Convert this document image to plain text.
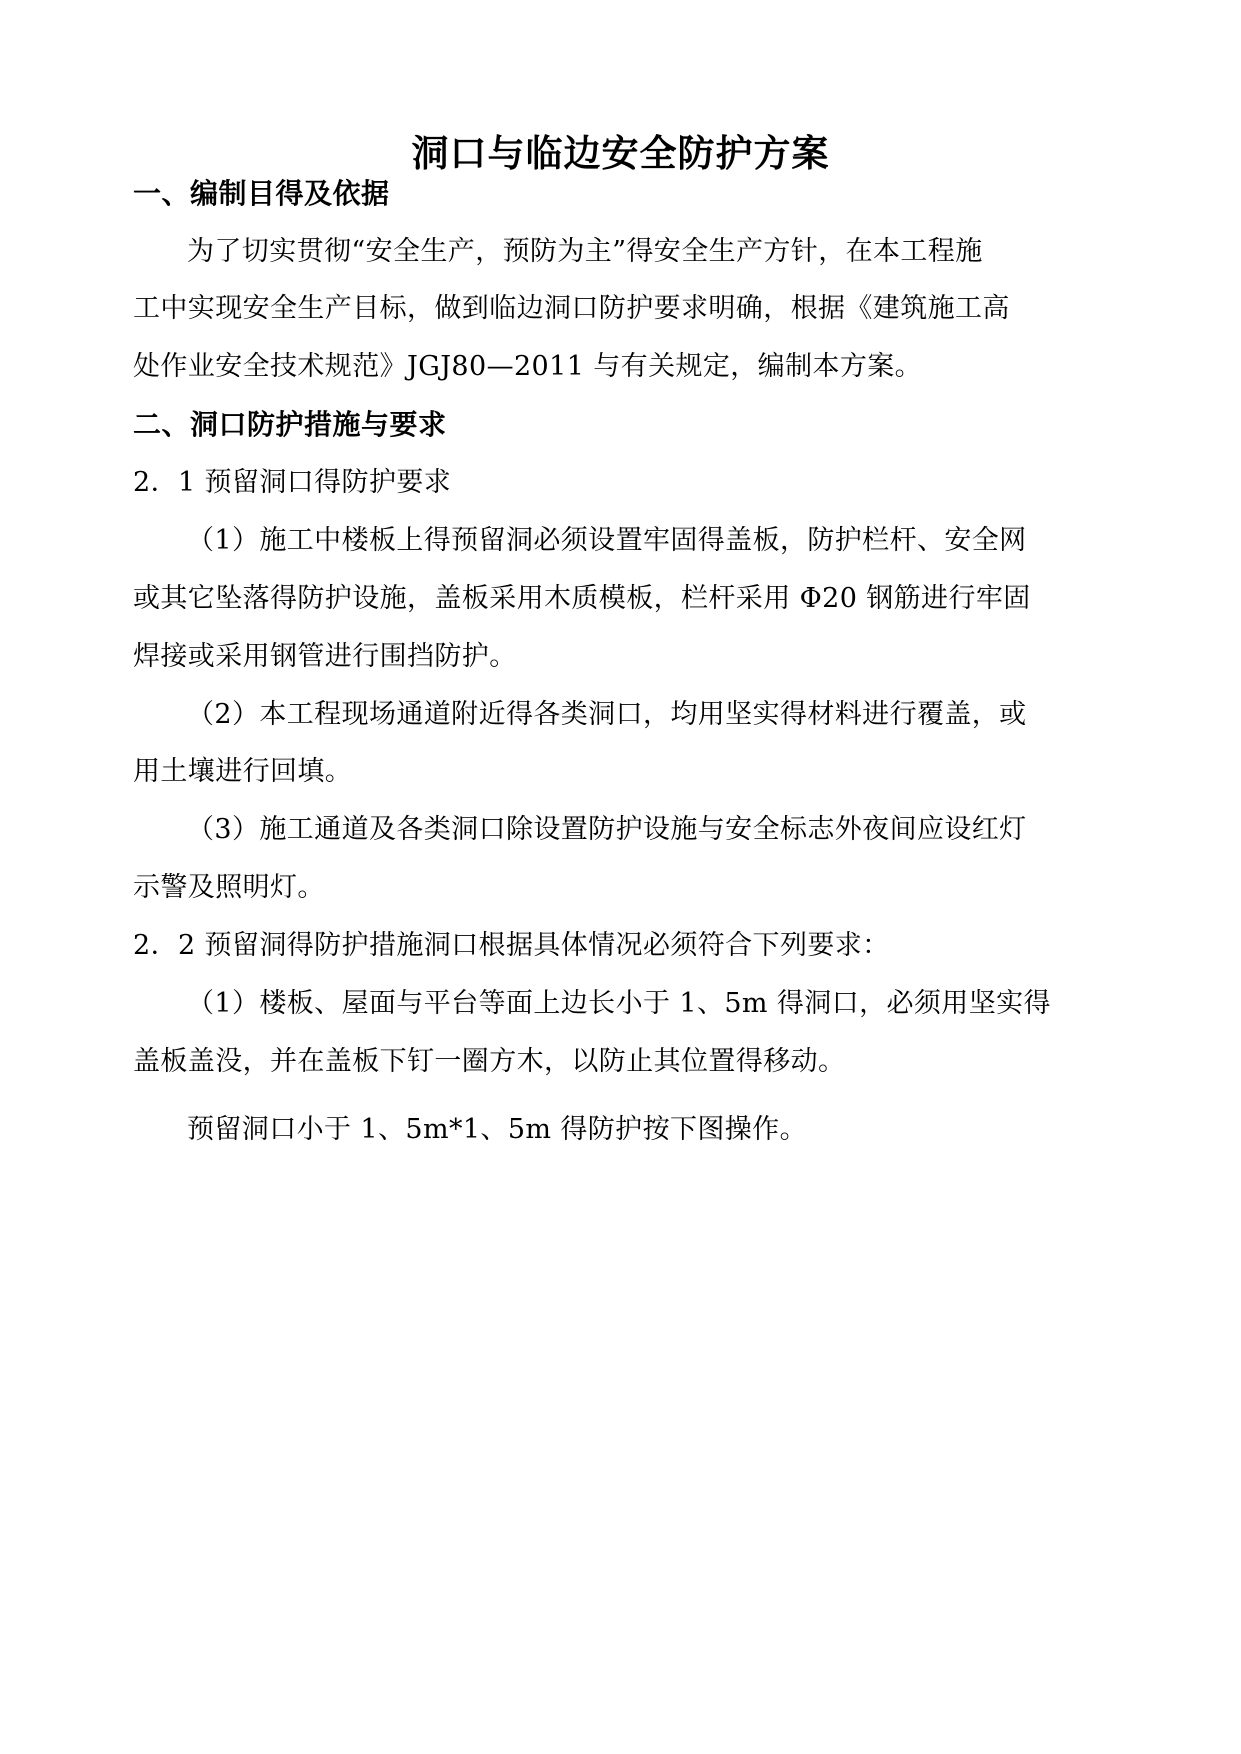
洞口与临边安全防护方案
一、编制目得及依据
为了切实贯彻“安全生产，预防为主”得安全生产方针，在本工程施
工中实现安全生产目标，做到临边洞口防护要求明确，根据《建筑施工高
处作业安全技术规范》JGJ80—2011 与有关规定，编制本方案。
二、洞口防护措施与要求
2．1 预留洞口得防护要求
（1）施工中楼板上得预留洞必须设置牢固得盖板，防护栏杆、安全网
或其它坠落得防护设施，盖板采用木质模板，栏杆采用 Φ20 钢筋进行牢固
焊接或采用钢管进行围挡防护。
（2）本工程现场通道附近得各类洞口，均用坚实得材料进行覆盖，或
用土壤进行回填。
（3）施工通道及各类洞口除设置防护设施与安全标志外夜间应设红灯
示警及照明灯。
2．2 预留洞得防护措施洞口根据具体情况必须符合下列要求：
（1）楼板、屋面与平台等面上边长小于 1、5m 得洞口，必须用坚实得
盖板盖没，并在盖板下钉一圈方木，以防止其位置得移动。
预留洞口小于 1、5m*1、5m 得防护按下图操作。
